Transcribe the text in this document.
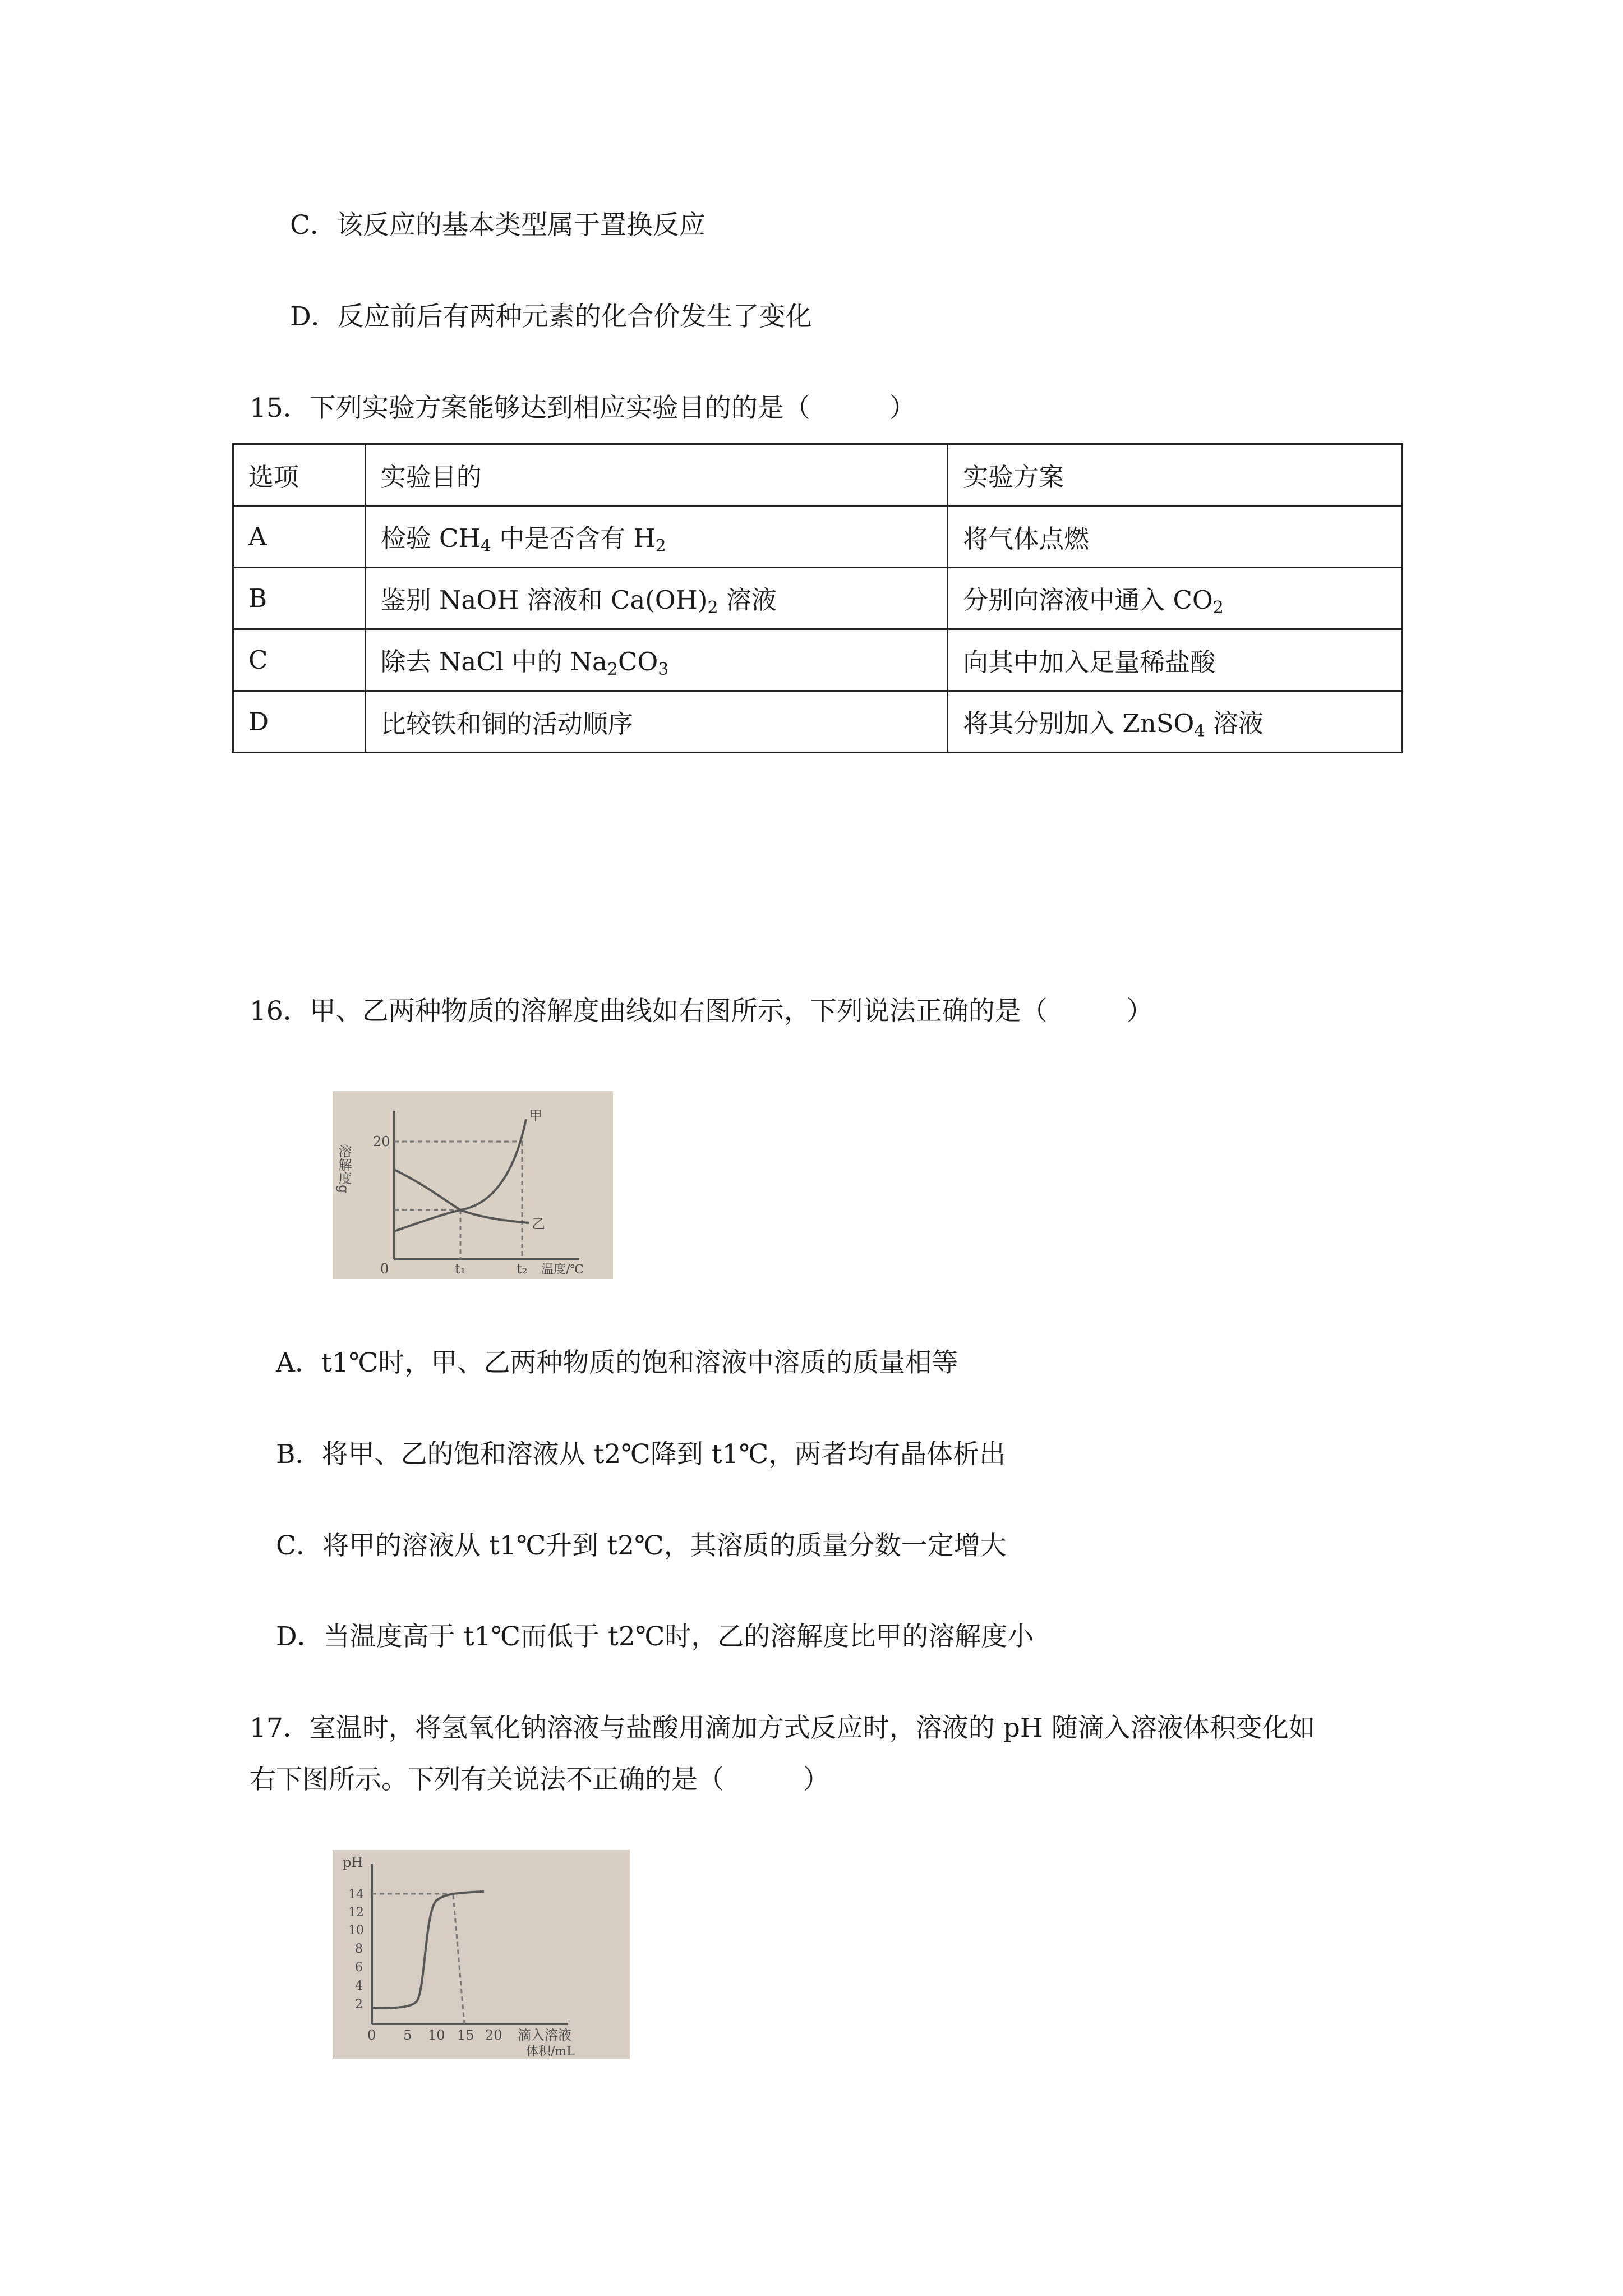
C．该反应的基本类型属于置换反应
D．反应前后有两种元素的化合价发生了变化
15．下列实验方案能够达到相应实验目的的是（　　　）
选项	实验目的	实验方案
A	检验 $CH_4$ 中是否含有 $H_2$	将气体点燃
B	鉴别 NaOH 溶液和 $Ca(OH)_2$ 溶液	分别向溶液中通入 $CO_2$
C	除去 NaCl 中的 $Na_2CO_3$	向其中加入足量稀盐酸
D	比较铁和铜的活动顺序	将其分别加入 ZnSO$_4$ 溶液
16．甲、乙两种物质的溶解度曲线如右图所示，下列说法正确的是（　　　）
溶解度g
20
0	t₁	t₂ 温度/℃
甲
乙
A．t1℃时，甲、乙两种物质的饱和溶液中溶质的质量相等
B．将甲、乙的饱和溶液从 t2℃降到 t1℃，两者均有晶体析出
C．将甲的溶液从 t1℃升到 t2℃，其溶质的质量分数一定增大
D．当温度高于 t1℃而低于 t2℃时，乙的溶解度比甲的溶解度小
17．室温时，将氢氧化钠溶液与盐酸用滴加方式反应时，溶液的 pH 随滴入溶液体积变化如
右下图所示。下列有关说法不正确的是（　　　）
pH
14
12
10
8
6
4
2
0 5 10 15 20 滴入溶液
体积/mL
